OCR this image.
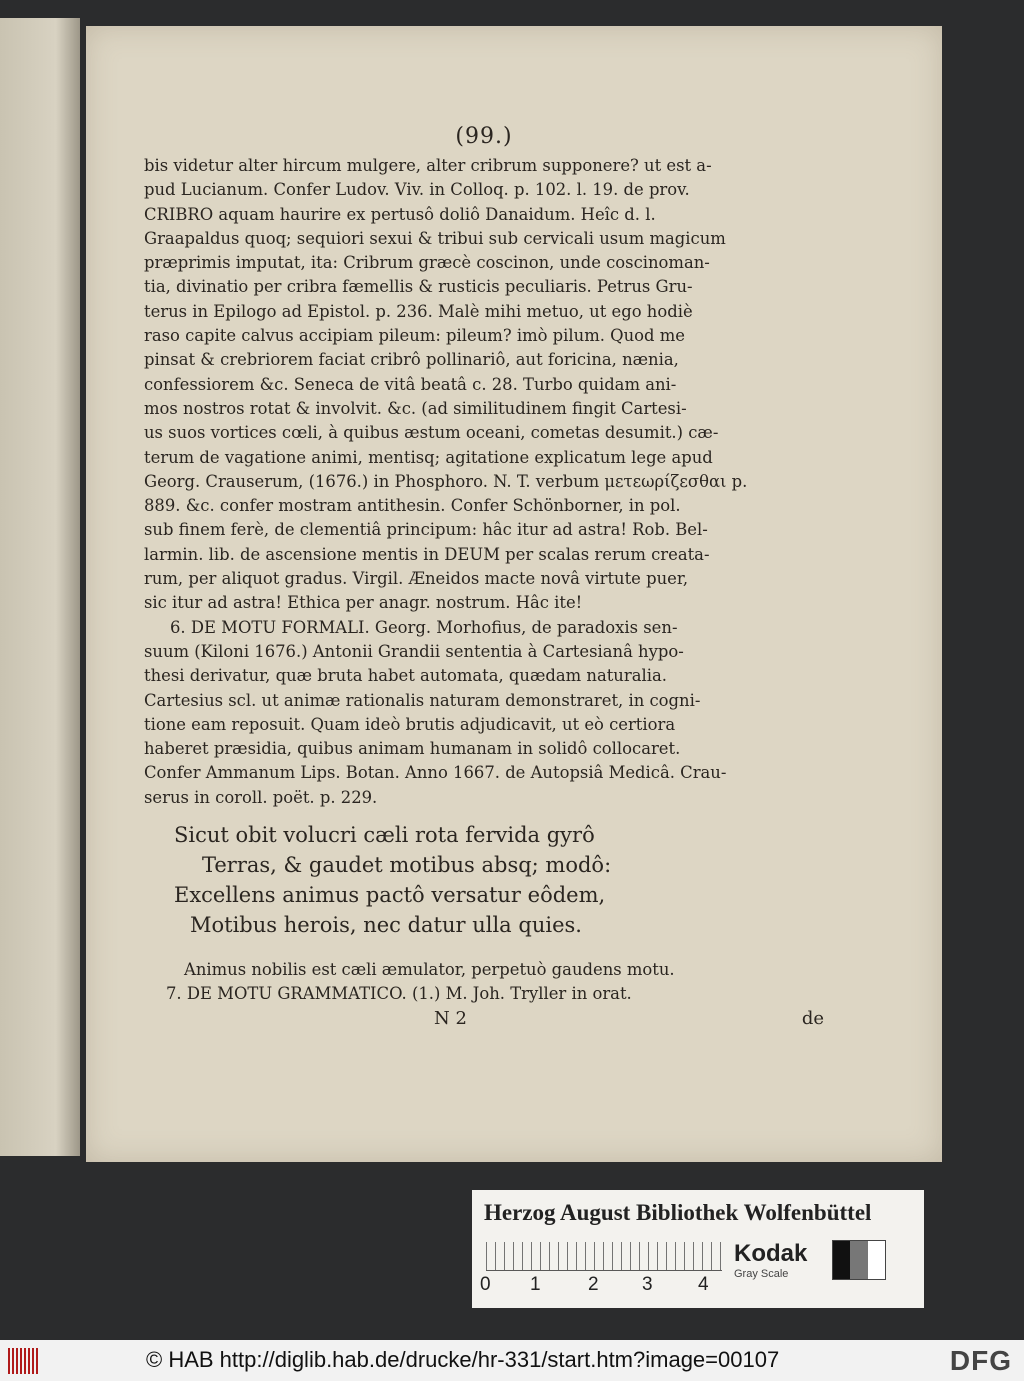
(99.)
bis videtur alter hircum mulgere, alter cribrum supponere? ut est a-
pud Lucianum. Confer Ludov. Viv. in Colloq. p. 102. l. 19. de prov.
CRIBRO aquam haurire ex pertusô doliô Danaidum. Heîc d. l.
Graapaldus quoq; sequiori sexui & tribui sub cervicali usum magicum
præprimis imputat, ita: Cribrum græcè coscinon, unde coscinoman-
tia, divinatio per cribra fæmellis & rusticis peculiaris. Petrus Gru-
terus in Epilogo ad Epistol. p. 236. Malè mihi metuo, ut ego hodiè
raso capite calvus accipiam pileum: pileum? imò pilum. Quod me
pinsat & crebriorem faciat cribrô pollinariô, aut foricina, nænia,
confessiorem &c. Seneca de vitâ beatâ c. 28. Turbo quidam ani-
mos nostros rotat & involvit. &c. (ad similitudinem fingit Cartesi-
us suos vortices cœli, à quibus æstum oceani, cometas desumit.) cæ-
terum de vagatione animi, mentisq; agitatione explicatum lege apud
Georg. Crauserum, (1676.) in Phosphoro. N. T. verbum μετεωρίζεσθαι p.
889. &c. confer mostram antithesin. Confer Schönborner, in pol.
sub finem ferè, de clementiâ principum: hâc itur ad astra! Rob. Bel-
larmin. lib. de ascensione mentis in DEUM per scalas rerum creata-
rum, per aliquot gradus. Virgil. Æneidos macte novâ virtute puer,
sic itur ad astra! Ethica per anagr. nostrum. Hâc ite!
6. DE MOTU FORMALI. Georg. Morhofius, de paradoxis sen-
suum (Kiloni 1676.) Antonii Grandii sententia à Cartesianâ hypo-
thesi derivatur, quæ bruta habet automata, quædam naturalia.
Cartesius scl. ut animæ rationalis naturam demonstraret, in cogni-
tione eam reposuit. Quam ideò brutis adjudicavit, ut eò certiora
haberet præsidia, quibus animam humanam in solidô collocaret.
Confer Ammanum Lips. Botan. Anno 1667. de Autopsiâ Medicâ. Crau-
serus in coroll. poët. p. 229.
Sicut obit volucri cæli rota fervida gyrô
Terras, & gaudet motibus absq; modô:
Excellens animus pactô versatur eôdem,
Motibus herois, nec datur ulla quies.
Animus nobilis est cæli æmulator, perpetuò gaudens motu.
7. DE MOTU GRAMMATICO. (1.) M. Joh. Tryller in orat.
N 2	de
Herzog August Bibliothek Wolfenbüttel
0 1 2 3 4
Kodak
Gray Scale
© HAB http://diglib.hab.de/drucke/hr-331/start.htm?image=00107	DFG
